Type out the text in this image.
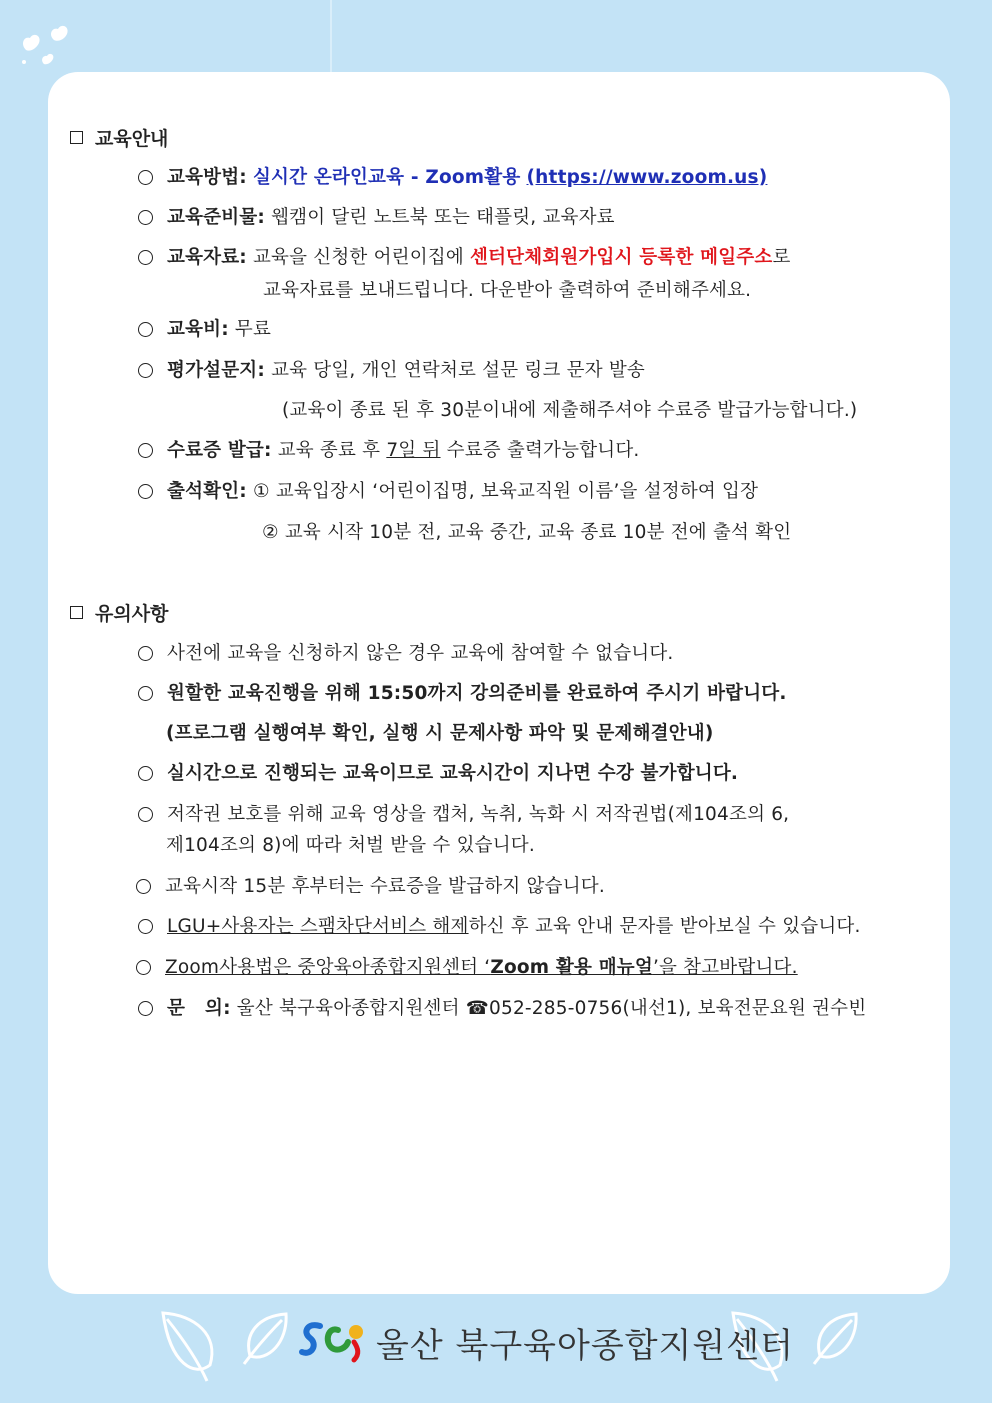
교육안내
교육방법: 실시간 온라인교육 - Zoom활용 (https://www.zoom.us)
교육준비물: 웹캠이 달린 노트북 또는 태플릿, 교육자료
교육자료: 교육을 신청한 어린이집에 센터단체회원가입시 등록한 메일주소로
교육자료를 보내드립니다. 다운받아 출력하여 준비해주세요.
교육비: 무료
평가설문지: 교육 당일, 개인 연락처로 설문 링크 문자 발송
(교육이 종료 된 후 30분이내에 제출해주셔야 수료증 발급가능합니다.)
수료증 발급: 교육 종료 후 7일 뒤 수료증 출력가능합니다.
출석확인: ① 교육입장시 ‘어린이집명, 보육교직원 이름’을 설정하여 입장
② 교육 시작 10분 전, 교육 중간, 교육 종료 10분 전에 출석 확인
유의사항
사전에 교육을 신청하지 않은 경우 교육에 참여할 수 없습니다.
원할한 교육진행을 위해 15:50까지 강의준비를 완료하여 주시기 바랍니다.
(프로그램 실행여부 확인, 실행 시 문제사항 파악 및 문제해결안내)
실시간으로 진행되는 교육이므로 교육시간이 지나면 수강 불가합니다.
저작권 보호를 위해 교육 영상을 캡처, 녹취, 녹화 시 저작권법(제104조의 6,
제104조의 8)에 따라 처벌 받을 수 있습니다.
교육시작 15분 후부터는 수료증을 발급하지 않습니다.
LGU+사용자는 스팸차단서비스 해제하신 후 교육 안내 문자를 받아보실 수 있습니다.
Zoom사용법은 중앙육아종합지원센터 ‘Zoom 활용 매뉴얼’을 참고바랍니다.
문   의: 울산 북구육아종합지원센터 ☎052-285-0756(내선1), 보육전문요원 권수빈
울산 북구육아종합지원센터
